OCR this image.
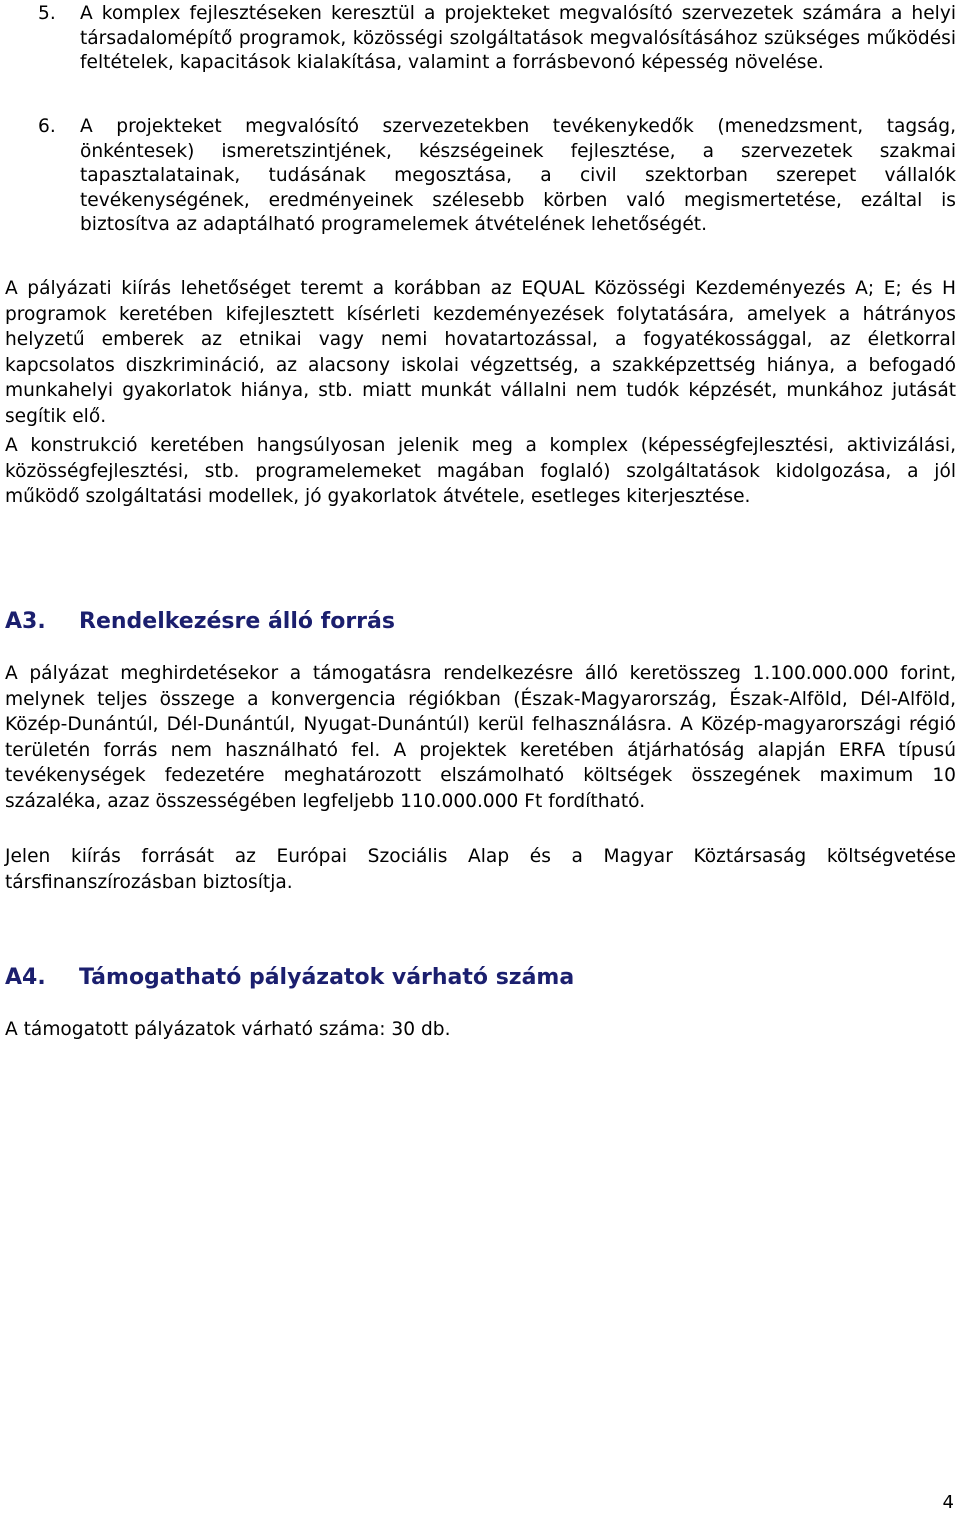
5. A komplex fejlesztéseken keresztül a projekteket megvalósító szervezetek számára a helyi társadalomépítő programok, közösségi szolgáltatások megvalósításához szükséges működési feltételek, kapacitások kialakítása, valamint a forrásbevonó képesség növelése.
6. A projekteket megvalósító szervezetekben tevékenykedők (menedzsment, tagság, önkéntesek) ismeretszintjének, készségeinek fejlesztése, a szervezetek szakmai tapasztalatainak, tudásának megosztása, a civil szektorban szerepet vállalók tevékenységének, eredményeinek szélesebb körben való megismertetése, ezáltal is biztosítva az adaptálható programelemek átvételének lehetőségét.
A pályázati kiírás lehetőséget teremt a korábban az EQUAL Közösségi Kezdeményezés A; E; és H programok keretében kifejlesztett kísérleti kezdeményezések folytatására, amelyek a hátrányos helyzetű emberek az etnikai vagy nemi hovatartozással, a fogyatékossággal, az életkorral kapcsolatos diszkrimináció, az alacsony iskolai végzettség, a szakképzettség hiánya, a befogadó munkahelyi gyakorlatok hiánya, stb. miatt munkát vállalni nem tudók képzését, munkához jutását segítik elő.
A konstrukció keretében hangsúlyosan jelenik meg a komplex (képességfejlesztési, aktivizálási, közösségfejlesztési, stb. programelemeket magában foglaló) szolgáltatások kidolgozása, a jól működő szolgáltatási modellek, jó gyakorlatok átvétele, esetleges kiterjesztése.
A3. Rendelkezésre álló forrás
A pályázat meghirdetésekor a támogatásra rendelkezésre álló keretösszeg 1.100.000.000 forint, melynek teljes összege a konvergencia régiókban (Észak-Magyarország, Észak-Alföld, Dél-Alföld, Közép-Dunántúl, Dél-Dunántúl, Nyugat-Dunántúl) kerül felhasználásra. A Közép-magyarországi régió területén forrás nem használható fel. A projektek keretében átjárhatóság alapján ERFA típusú tevékenységek fedezetére meghatározott elszámolható költségek összegének maximum 10 százaléka, azaz összességében legfeljebb 110.000.000 Ft fordítható.
Jelen kiírás forrását az Európai Szociális Alap és a Magyar Köztársaság költségvetése társfinanszírozásban biztosítja.
A4. Támogatható pályázatok várható száma
A támogatott pályázatok várható száma: 30 db.
4
